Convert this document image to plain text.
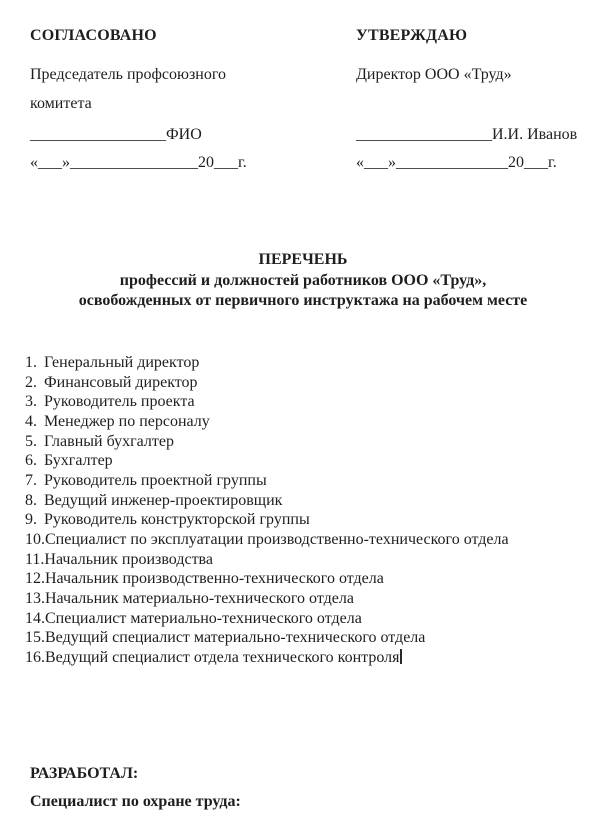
СОГЛАСОВАНО
Председатель профсоюзного комитета
_________________ФИО
«___»________________20___г.
УТВЕРЖДАЮ
Директор ООО «Труд»
_________________И.И. Иванов
«___»______________20___г.
ПЕРЕЧЕНЬ
профессий и должностей работников ООО «Труд»,
освобожденных от первичного инструктажа на рабочем месте
1. Генеральный директор
2. Финансовый директор
3. Руководитель проекта
4. Менеджер по персоналу
5. Главный бухгалтер
6. Бухгалтер
7. Руководитель проектной группы
8. Ведущий инженер-проектировщик
9. Руководитель конструкторской группы
10.Специалист по эксплуатации производственно-технического отдела
11.Начальник производства
12.Начальник производственно-технического отдела
13.Начальник материально-технического отдела
14.Специалист материально-технического отдела
15.Ведущий специалист материально-технического отдела
16.Ведущий специалист отдела технического контроля
РАЗРАБОТАЛ:
Специалист по охране труда:
